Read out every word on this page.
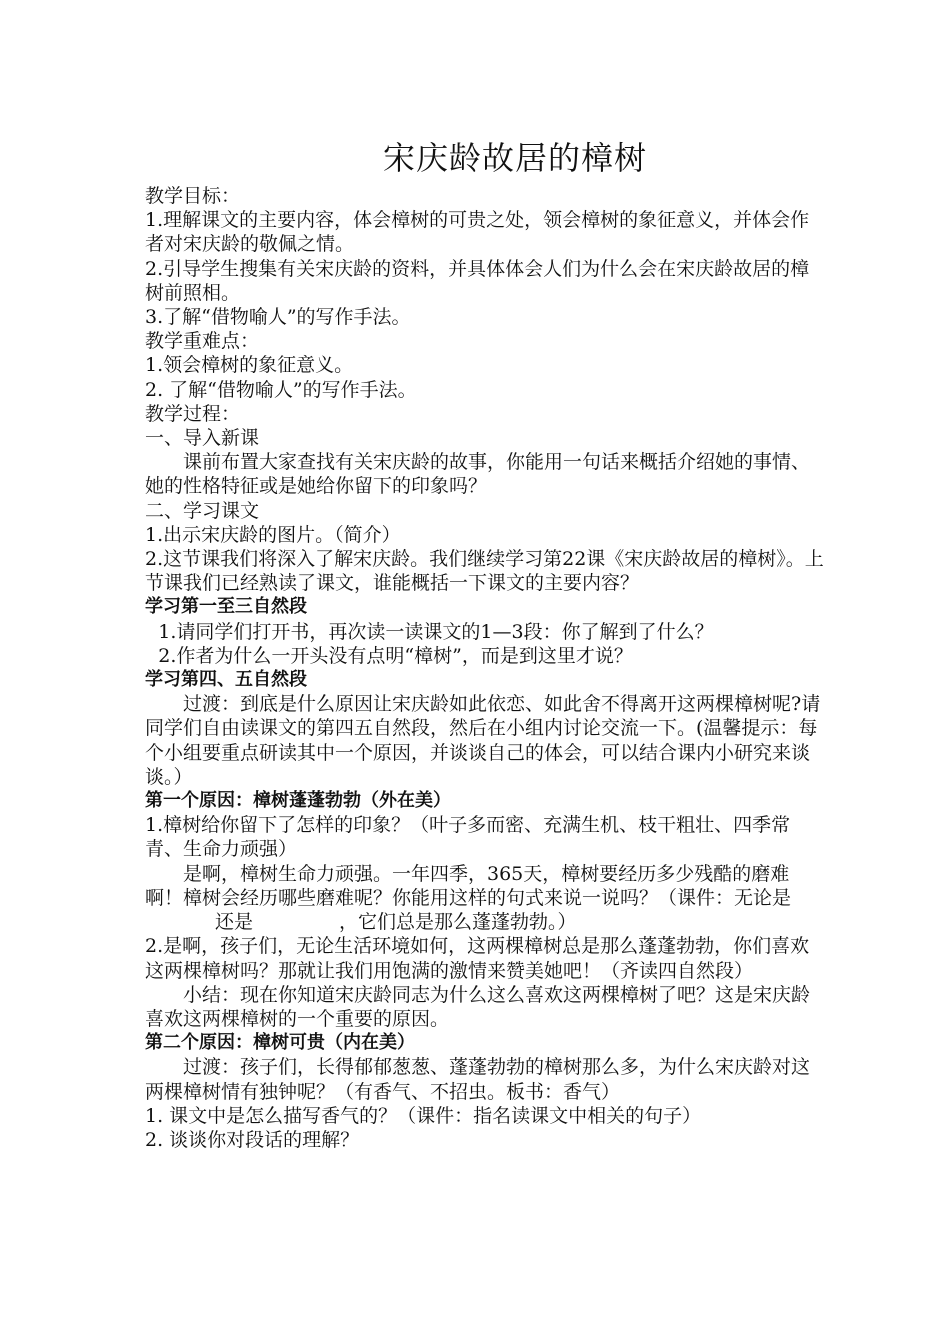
宋庆龄故居的樟树

教学目标：

1.理解课文的主要内容，体会樟树的可贵之处，领会樟树的象征意义，并体会作者对宋庆龄的敬佩之情。

2.引导学生搜集有关宋庆龄的资料，并具体体会人们为什么会在宋庆龄故居的樟树前照相。

3.了解“借物喻人”的写作手法。

教学重难点：

1.领会樟树的象征意义。

2. 了解“借物喻人”的写作手法。

教学过程：

一、导入新课

课前布置大家查找有关宋庆龄的故事，你能用一句话来概括介绍她的事情、她的性格特征或是她给你留下的印象吗？

二、学习课文

1.出示宋庆龄的图片。（简介）

2.这节课我们将深入了解宋庆龄。我们继续学习第22课《宋庆龄故居的樟树》。上节课我们已经熟读了课文，谁能概括一下课文的主要内容？

学习第一至三自然段

1.请同学们打开书，再次读一读课文的1—3段：你了解到了什么？

2.作者为什么一开头没有点明“樟树”，而是到这里才说？

学习第四、五自然段

过渡：到底是什么原因让宋庆龄如此依恋、如此舍不得离开这两棵樟树呢?请同学们自由读课文的第四五自然段，然后在小组内讨论交流一下。(温馨提示：每个小组要重点研读其中一个原因，并谈谈自己的体会，可以结合课内小研究来谈谈。）

第一个原因：樟树蓬蓬勃勃（外在美）

1.樟树给你留下了怎样的印象？（叶子多而密、充满生机、枝干粗壮、四季常青、生命力顽强）

是啊，樟树生命力顽强。一年四季，365天，樟树要经历多少残酷的磨难啊！樟树会经历哪些磨难呢？你能用这样的句式来说一说吗？（课件：无论是还是	，它们总是那么蓬蓬勃勃。）

2.是啊，孩子们，无论生活环境如何，这两棵樟树总是那么蓬蓬勃勃，你们喜欢这两棵樟树吗？那就让我们用饱满的激情来赞美她吧！（齐读四自然段）

小结：现在你知道宋庆龄同志为什么这么喜欢这两棵樟树了吧？这是宋庆龄喜欢这两棵樟树的一个重要的原因。

第二个原因：樟树可贵（内在美）

过渡：孩子们，长得郁郁葱葱、蓬蓬勃勃的樟树那么多，为什么宋庆龄对这两棵樟树情有独钟呢？（有香气、不招虫。板书：香气）

1. 课文中是怎么描写香气的？（课件：指名读课文中相关的句子）

2. 谈谈你对段话的理解？
